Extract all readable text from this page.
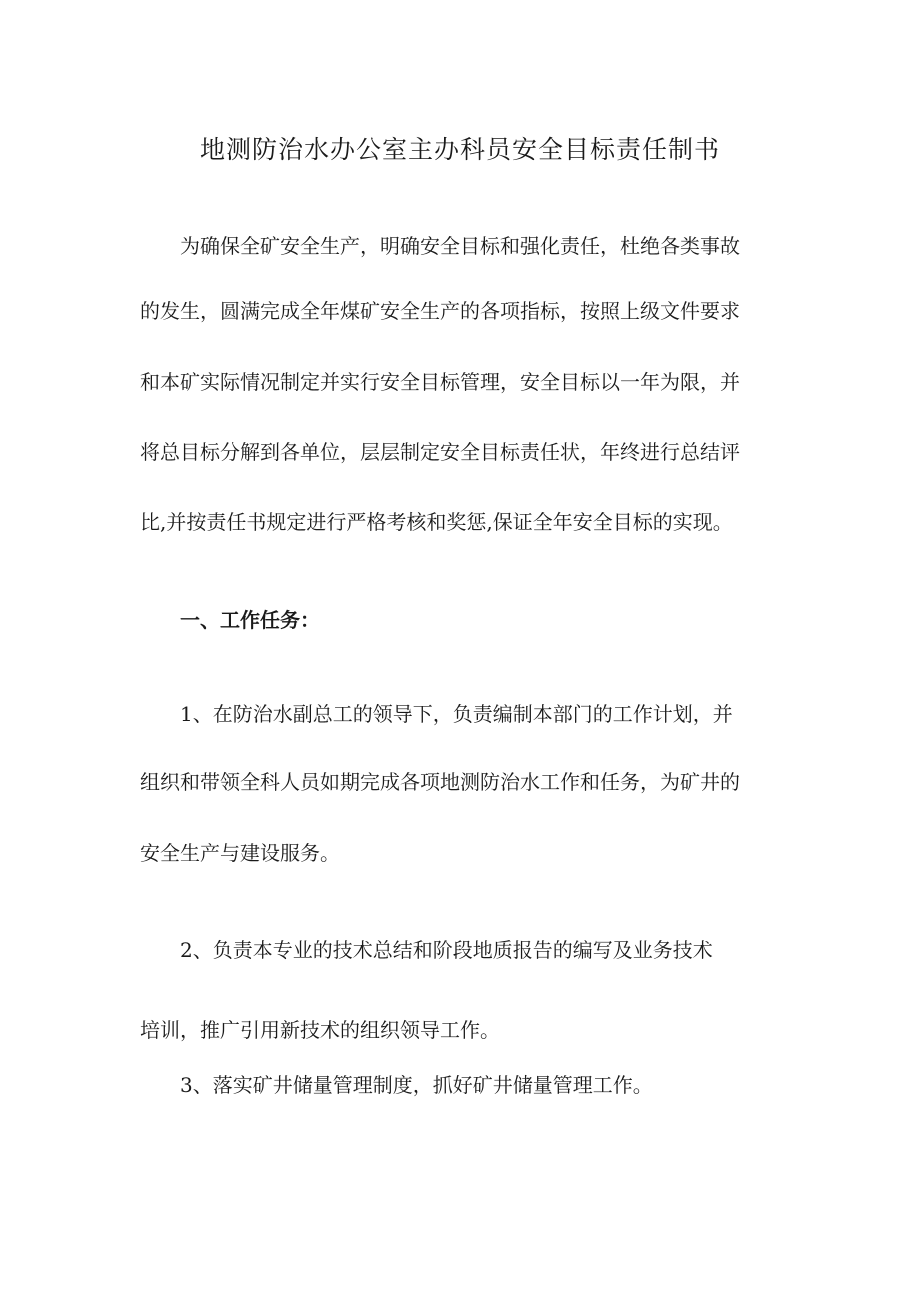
地测防治水办公室主办科员安全目标责任制书
为确保全矿安全生产，明确安全目标和强化责任，杜绝各类事故
的发生，圆满完成全年煤矿安全生产的各项指标，按照上级文件要求
和本矿实际情况制定并实行安全目标管理，安全目标以一年为限，并
将总目标分解到各单位，层层制定安全目标责任状，年终进行总结评
比,并按责任书规定进行严格考核和奖惩,保证全年安全目标的实现。
一、工作任务：
1、在防治水副总工的领导下，负责编制本部门的工作计划，并
组织和带领全科人员如期完成各项地测防治水工作和任务，为矿井的
安全生产与建设服务。
2、负责本专业的技术总结和阶段地质报告的编写及业务技术
培训，推广引用新技术的组织领导工作。
3、落实矿井储量管理制度，抓好矿井储量管理工作。
